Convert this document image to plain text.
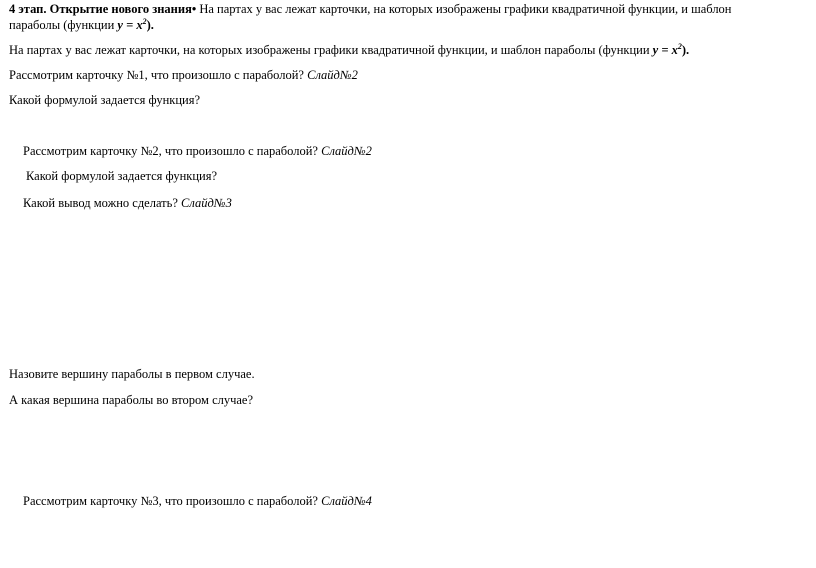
4 этап. Открытие нового знания• На партах у вас лежат карточки, на которых изображены графики квадратичной функции, и шаблон
параболы (функции $y = x^2$).
На партах у вас лежат карточки, на которых изображены графики квадратичной функции, и шаблон параболы (функции $y = x^2$).
Рассмотрим карточку №1, что произошло с параболой? Слайд№2
Какой формулой задается функция?
Рассмотрим карточку №2, что произошло с параболой? Слайд№2
Какой формулой задается функция?
Какой вывод можно сделать? Слайд№3
Назовите вершину параболы в первом случае.
А какая вершина параболы во втором случае?
Рассмотрим карточку №3, что произошло с параболой? Слайд№4
